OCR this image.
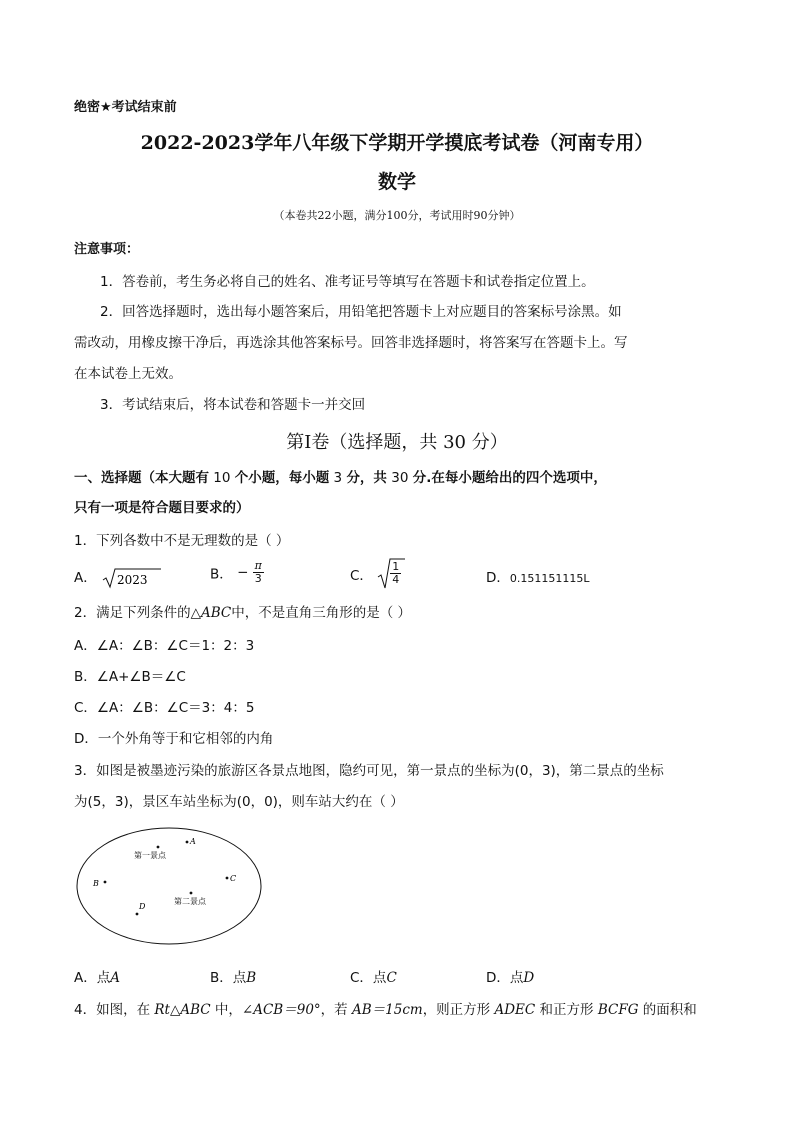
绝密★考试结束前
2022-2023学年八年级下学期开学摸底考试卷（河南专用）
数学
（本卷共22小题，满分100分，考试用时90分钟）
注意事项：
1．答卷前，考生务必将自己的姓名、准考证号等填写在答题卡和试卷指定位置上。
2．回答选择题时，选出每小题答案后，用铅笔把答题卡上对应题目的答案标号涂黑。如
需改动，用橡皮擦干净后，再选涂其他答案标号。回答非选择题时，将答案写在答题卡上。写
在本试卷上无效。
3．考试结束后，将本试卷和答题卡一并交回
第Ⅰ卷（选择题，共 30 分）
一、选择题（本大题有 10 个小题，每小题 3 分，共 30 分.在每小题给出的四个选项中，
只有一项是符合题目要求的）
1．下列各数中不是无理数的是（ ）
A． 2023	B． − $\frac{\pi}{3}$	C． $\frac{1}{4}$	D．0.151151115L
2．满足下列条件的△ABC中，不是直角三角形的是（ ）
A．∠A：∠B：∠C＝1：2：3
B．∠A+∠B＝∠C
C．∠A：∠B：∠C＝3：4：5
D．一个外角等于和它相邻的内角
3．如图是被墨迹污染的旅游区各景点地图，隐约可见，第一景点的坐标为(0，3)，第二景点的坐标
为(5，3)，景区车站坐标为(0，0)，则车站大约在（ ）
A
第一景点
B
C
第二景点
D
A．点A	B．点B	C．点C	D．点D
4．如图，在 Rt△ABC 中，∠ACB＝90°，若 AB＝15cm，则正方形 ADEC 和正方形 BCFG 的面积和
